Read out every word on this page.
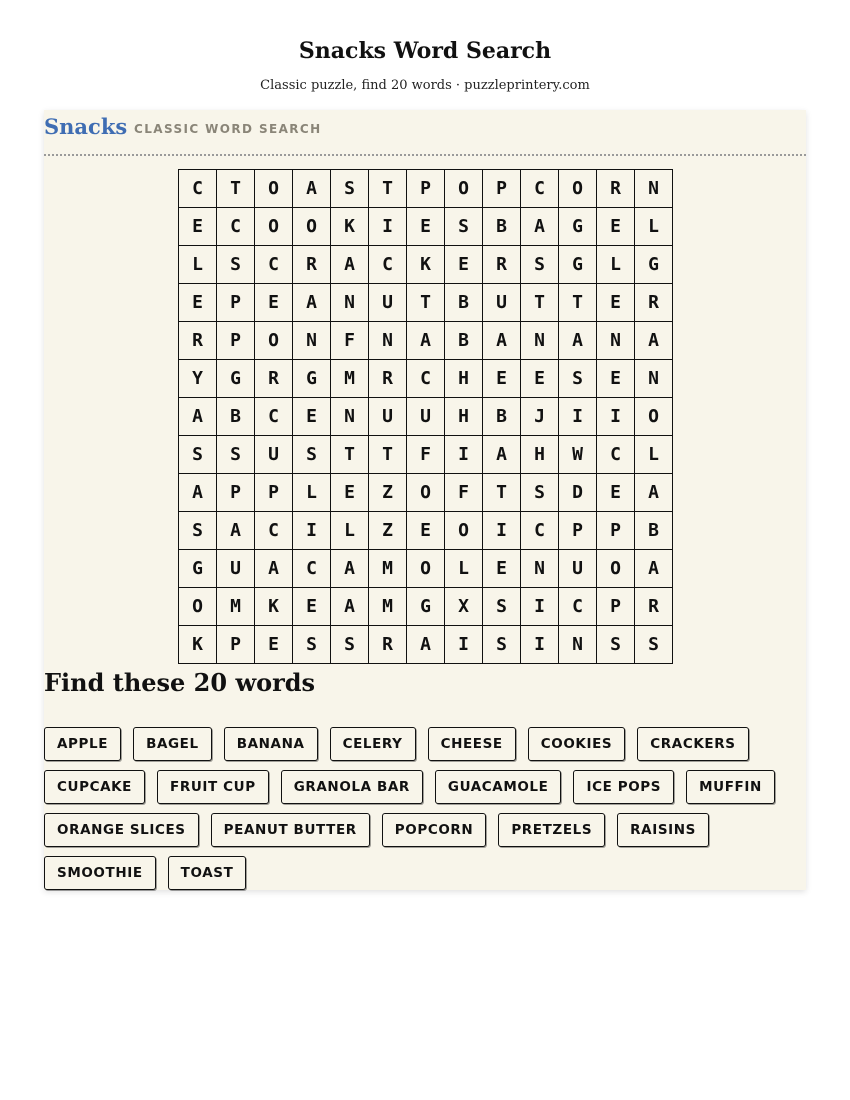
Snacks Word Search
Classic puzzle, find 20 words · puzzleprintery.com
Snacks CLASSIC WORD SEARCH
C	T	O	A	S	T	P	O	P	C	O	R	N
E	C	O	O	K	I	E	S	B	A	G	E	L
L	S	C	R	A	C	K	E	R	S	G	L	G
E	P	E	A	N	U	T	B	U	T	T	E	R
R	P	O	N	F	N	A	B	A	N	A	N	A
Y	G	R	G	M	R	C	H	E	E	S	E	N
A	B	C	E	N	U	U	H	B	J	I	I	O
S	S	U	S	T	T	F	I	A	H	W	C	L
A	P	P	L	E	Z	O	F	T	S	D	E	A
S	A	C	I	L	Z	E	O	I	C	P	P	B
G	U	A	C	A	M	O	L	E	N	U	O	A
O	M	K	E	A	M	G	X	S	I	C	P	R
K	P	E	S	S	R	A	I	S	I	N	S	S
Find these 20 words
APPLE	BAGEL	BANANA	CELERY	CHEESE	COOKIES	CRACKERS
CUPCAKE	FRUIT CUP	GRANOLA BAR	GUACAMOLE	ICE POPS	MUFFIN
ORANGE SLICES	PEANUT BUTTER	POPCORN	PRETZELS	RAISINS
SMOOTHIE	TOAST
